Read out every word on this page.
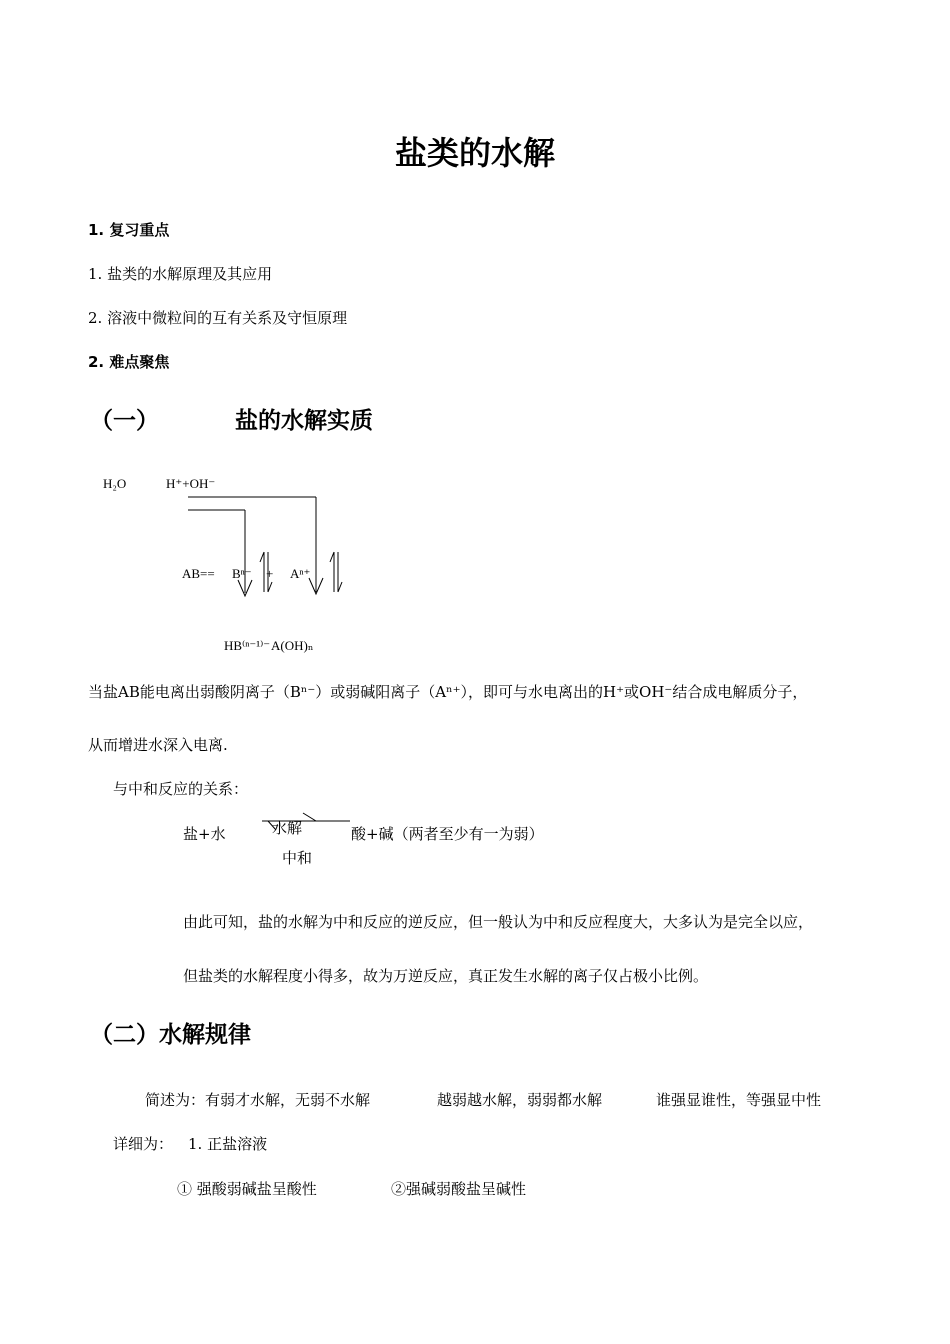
盐类的水解
1. 复习重点
1. 盐类的水解原理及其应用
2. 溶液中微粒间的互有关系及守恒原理
2. 难点聚焦
（一）	盐的水解实质
H₂O	H⁺+OH⁻
AB== Bⁿ⁻ + Aⁿ⁺
HB⁽ⁿ⁻¹⁾⁻ A(OH)ₙ
当盐AB能电离出弱酸阴离子（Bⁿ⁻）或弱碱阳离子（Aⁿ⁺），即可与水电离出的H⁺或OH⁻结合成电解质分子，
从而增进水深入电离.
与中和反应的关系：
盐+水	水解
中和
酸+碱（两者至少有一为弱）
由此可知，盐的水解为中和反应的逆反应，但一般认为中和反应程度大，大多认为是完全以应，
但盐类的水解程度小得多，故为万逆反应，真正发生水解的离子仅占极小比例。
（二）水解规律
简述为：有弱才水解，无弱不水解	越弱越水解，弱弱都水解	谁强显谁性，等强显中性
详细为： 1. 正盐溶液
① 强酸弱碱盐呈酸性	②强碱弱酸盐呈碱性
